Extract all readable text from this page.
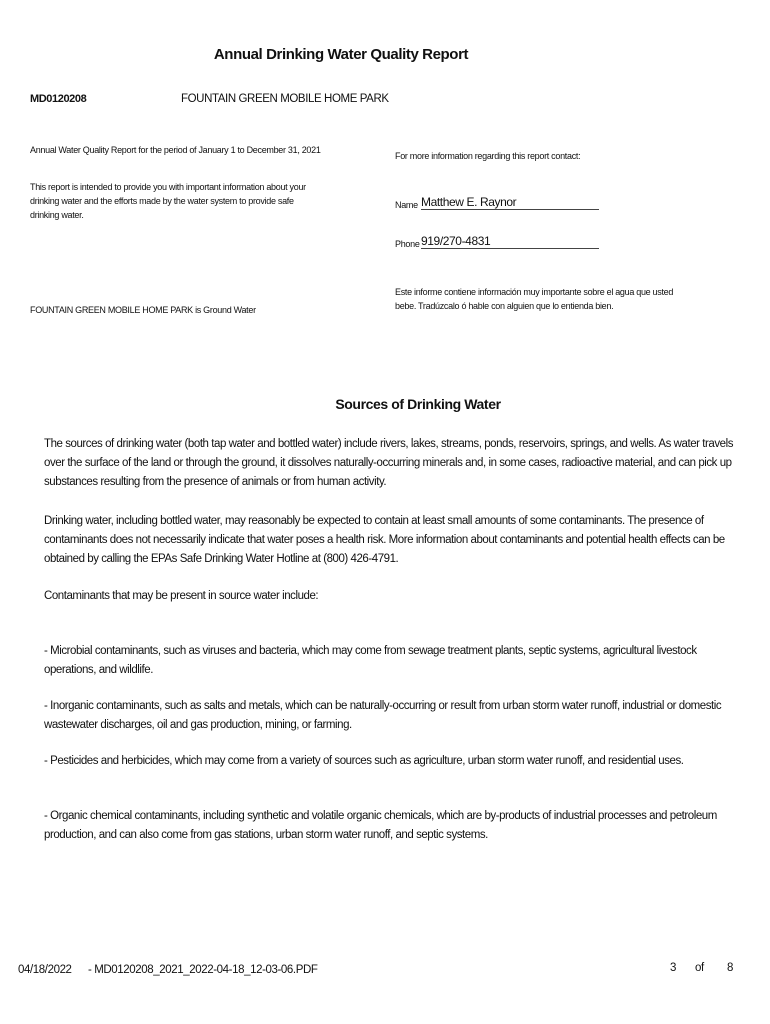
Annual Drinking Water Quality Report
MD0120208	FOUNTAIN GREEN MOBILE HOME PARK
Annual Water Quality Report for the period of January 1 to December 31, 2021
This report is intended to provide you with important information about your drinking water and the efforts made by the water system to provide safe drinking water.
FOUNTAIN GREEN MOBILE HOME PARK is Ground Water
For more information regarding this report contact:
Name Matthew E. Raynor
Phone 919/270-4831
Este informe contiene información muy importante sobre el agua que usted bebe. Tradúzcalo ó hable con alguien que lo entienda bien.
Sources of Drinking Water
The sources of drinking water (both tap water and bottled water) include rivers, lakes, streams, ponds, reservoirs, springs, and wells. As water travels over the surface of the land or through the ground, it dissolves naturally-occurring minerals and, in some cases, radioactive material, and can pick up substances resulting from the presence of animals or from human activity.
Drinking water, including bottled water, may reasonably be expected to contain at least small amounts of some contaminants. The presence of contaminants does not necessarily indicate that water poses a health risk. More information about contaminants and potential health effects can be obtained by calling the EPAs Safe Drinking Water Hotline at (800) 426-4791.
Contaminants that may be present in source water include:
- Microbial contaminants, such as viruses and bacteria, which may come from sewage treatment plants, septic systems, agricultural livestock operations, and wildlife.
- Inorganic contaminants, such as salts and metals, which can be naturally-occurring or result from urban storm water runoff, industrial or domestic wastewater discharges, oil and gas production, mining, or farming.
- Pesticides and herbicides, which may come from a variety of sources such as agriculture, urban storm water runoff, and residential uses.
- Organic chemical contaminants, including synthetic and volatile organic chemicals, which are by-products of industrial processes and petroleum production, and can also come from gas stations, urban storm water runoff, and septic systems.
04/18/2022 - MD0120208_2021_2022-04-18_12-03-06.PDF	3 of 8
